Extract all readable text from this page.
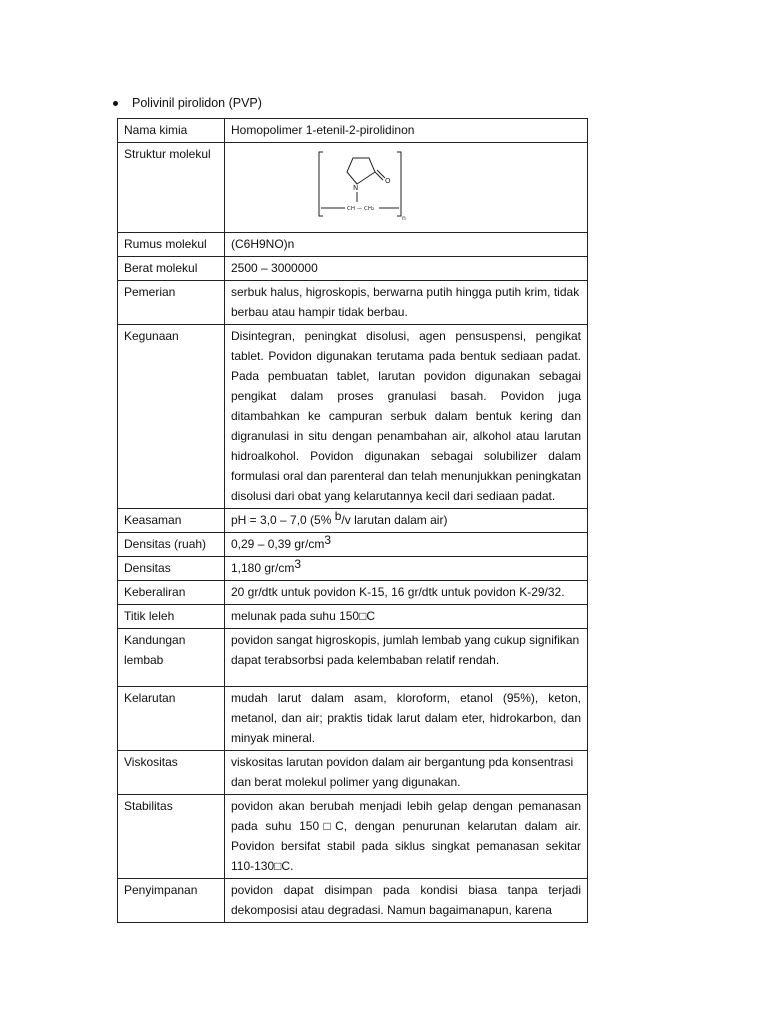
Polivinil pirolidon (PVP)
Nama kimia	Homopolimer 1-etenil-2-pirolidinon
Struktur molekul	N
O
CH — CH₂
n

Rumus molekul	(C6H9NO)n
Berat molekul	2500 – 3000000
Pemerian	serbuk halus, higroskopis, berwarna putih hingga putih krim, tidak berbau atau hampir tidak berbau.
Kegunaan	Disintegran, peningkat disolusi, agen pensuspensi, pengikat tablet. Povidon digunakan terutama pada bentuk sediaan padat. Pada pembuatan tablet, larutan povidon digunakan sebagai pengikat dalam proses granulasi basah. Povidon juga ditambahkan ke campuran serbuk dalam bentuk kering dan digranulasi in situ dengan penambahan air, alkohol atau larutan hidroalkohol. Povidon digunakan sebagai solubilizer dalam formulasi oral dan parenteral dan telah menunjukkan peningkatan disolusi dari obat yang kelarutannya kecil dari sediaan padat.
Keasaman	pH = 3,0 – 7,0 (5% $^b$/v larutan dalam air)
Densitas (ruah)	0,29 – 0,39 $gr/cm^3$
Densitas	1,180 $gr/cm^3$
Keberaliran	20 gr/dtk untuk povidon K-15, 16 gr/dtk untuk povidon K-29/32.
Titik leleh	melunak pada suhu 150□C
Kandungan lembab	povidon sangat higroskopis, jumlah lembab yang cukup signifikan dapat terabsorbsi pada kelembaban relatif rendah.
Kelarutan	mudah larut dalam asam, kloroform, etanol (95%), keton, metanol, dan air; praktis tidak larut dalam eter, hidrokarbon, dan minyak mineral.
Viskositas	viskositas larutan povidon dalam air bergantung pda konsentrasi dan berat molekul polimer yang digunakan.
Stabilitas	povidon akan berubah menjadi lebih gelap dengan pemanasan pada suhu 150□C, dengan penurunan kelarutan dalam air. Povidon bersifat stabil pada siklus singkat pemanasan sekitar 110-130□C.
Penyimpanan	povidon dapat disimpan pada kondisi biasa tanpa terjadi dekomposisi atau degradasi. Namun bagaimanapun, karena
